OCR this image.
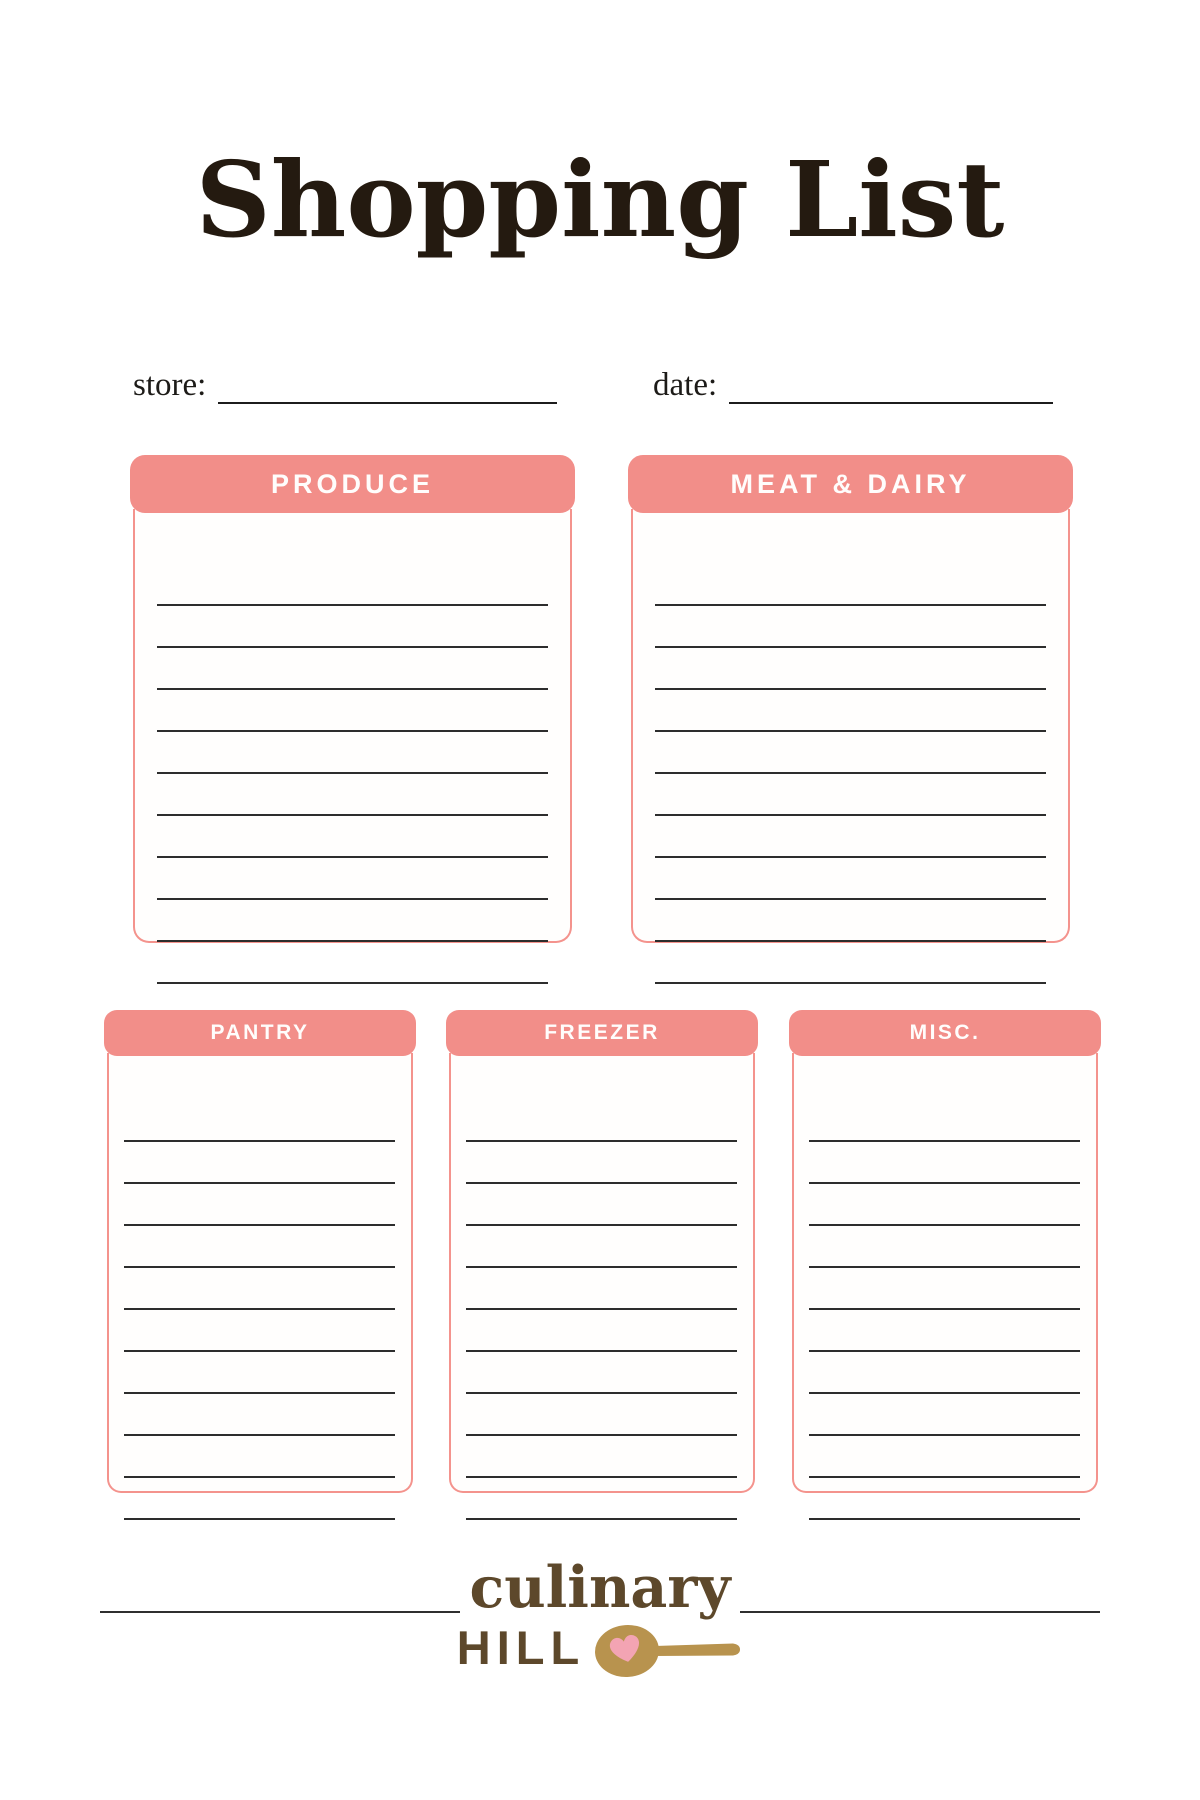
Shopping List
store:	date:
PRODUCE	MEAT & DAIRY
PANTRY	FREEZER	MISC.
culinary
HILL
